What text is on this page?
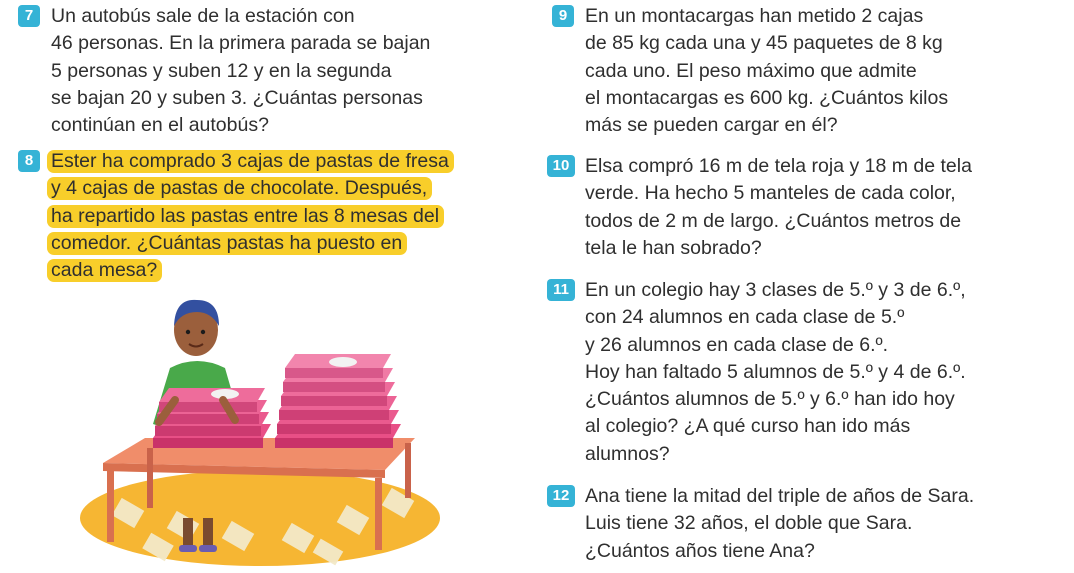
7 Un autobús sale de la estación con
46 personas. En la primera parada se bajan
5 personas y suben 12 y en la segunda
se bajan 20 y suben 3. ¿Cuántas personas
continúan en el autobús?
8 Ester ha comprado 3 cajas de pastas de fresa
y 4 cajas de pastas de chocolate. Después,
ha repartido las pastas entre las 8 mesas del
comedor. ¿Cuántas pastas ha puesto en
cada mesa?
9 En un montacargas han metido 2 cajas
de 85 kg cada una y 45 paquetes de 8 kg
cada uno. El peso máximo que admite
el montacargas es 600 kg. ¿Cuántos kilos
más se pueden cargar en él?
10 Elsa compró 16 m de tela roja y 18 m de tela
verde. Ha hecho 5 manteles de cada color,
todos de 2 m de largo. ¿Cuántos metros de
tela le han sobrado?
11 En un colegio hay 3 clases de 5.º y 3 de 6.º,
con 24 alumnos en cada clase de 5.º
y 26 alumnos en cada clase de 6.º.
Hoy han faltado 5 alumnos de 5.º y 4 de 6.º.
¿Cuántos alumnos de 5.º y 6.º han ido hoy
al colegio? ¿A qué curso han ido más
alumnos?
12 Ana tiene la mitad del triple de años de Sara.
Luis tiene 32 años, el doble que Sara.
¿Cuántos años tiene Ana?
